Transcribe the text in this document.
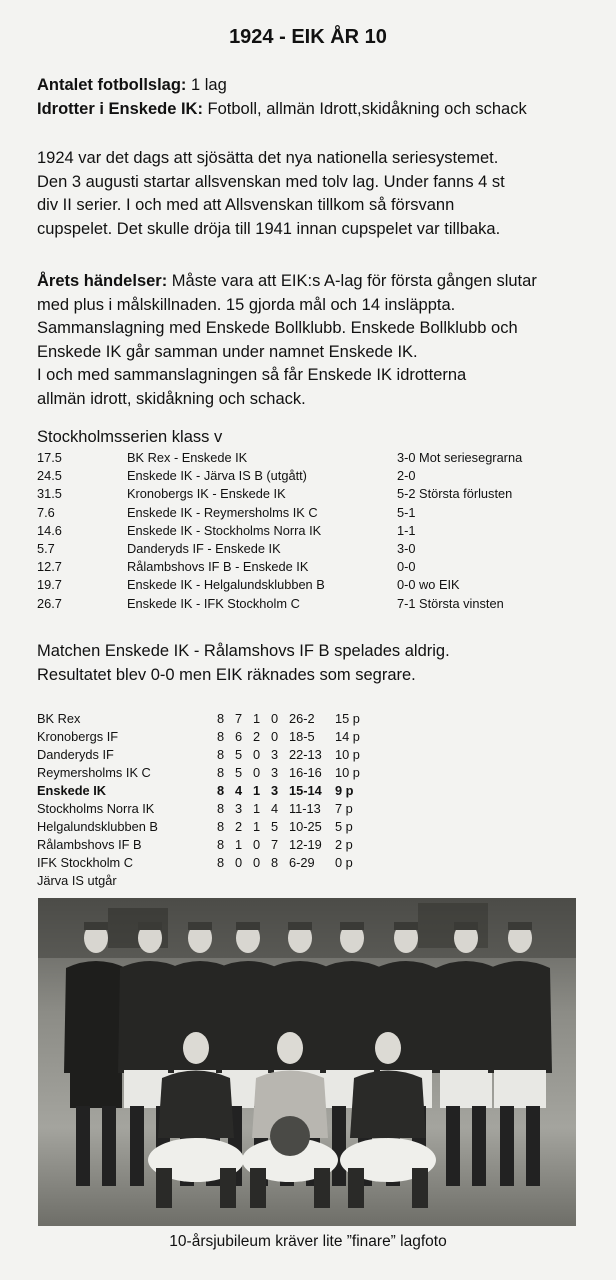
1924 - EIK ÅR 10
Antalet fotbollslag: 1 lag
Idrotter i Enskede IK: Fotboll, allmän Idrott,skidåkning och schack
1924 var det dags att sjösätta det nya nationella seriesystemet.
Den 3 augusti startar allsvenskan med tolv lag. Under fanns 4 st
div II serier. I och med att Allsvenskan tillkom så försvann
cupspelet. Det skulle dröja till 1941 innan cupspelet var tillbaka.
Årets händelser: Måste vara att EIK:s A-lag för första gången slutar
med plus i målskillnaden. 15 gjorda mål och 14 insläppta.
Sammanslagning med Enskede Bollklubb. Enskede Bollklubb och
Enskede IK går samman under namnet Enskede IK.
I och med sammanslagningen så får Enskede IK idrotterna
allmän idrott, skidåkning och schack.
Stockholmsserien klass v
17.5	BK Rex - Enskede IK	3-0 Mot seriesegrarna
24.5	Enskede IK - Järva IS B (utgått)	2-0
31.5	Kronobergs IK - Enskede IK	5-2 Största förlusten
7.6	Enskede IK - Reymersholms IK C	5-1
14.6	Enskede IK - Stockholms Norra IK	1-1
5.7	Danderyds IF - Enskede IK	3-0
12.7	Rålambshovs IF B - Enskede IK	0-0
19.7	Enskede IK - Helgalundsklubben B	0-0 wo EIK
26.7	Enskede IK - IFK Stockholm C	7-1 Största vinsten
Matchen Enskede IK - Rålamshovs IF B spelades aldrig.
Resultatet blev 0-0 men EIK räknades som segrare.
BK Rex	8 7 1 0 26-2 15 p
Kronobergs IF	8 6 2 0 18-5 14 p
Danderyds IF	8 5 0 3 22-13 10 p
Reymersholms IK C	8 5 0 3 16-16 10 p
Enskede IK	8 4 1 3 15-14 9 p
Stockholms Norra IK	8 3 1 4 11-13 7 p
Helgalundsklubben B	8 2 1 5 10-25 5 p
Rålambshovs IF B	8 1 0 7 12-19 2 p
IFK Stockholm C	8 0 0 8 6-29 0 p
Järva IS utgår
10-årsjubileum kräver lite ”finare” lagfoto
